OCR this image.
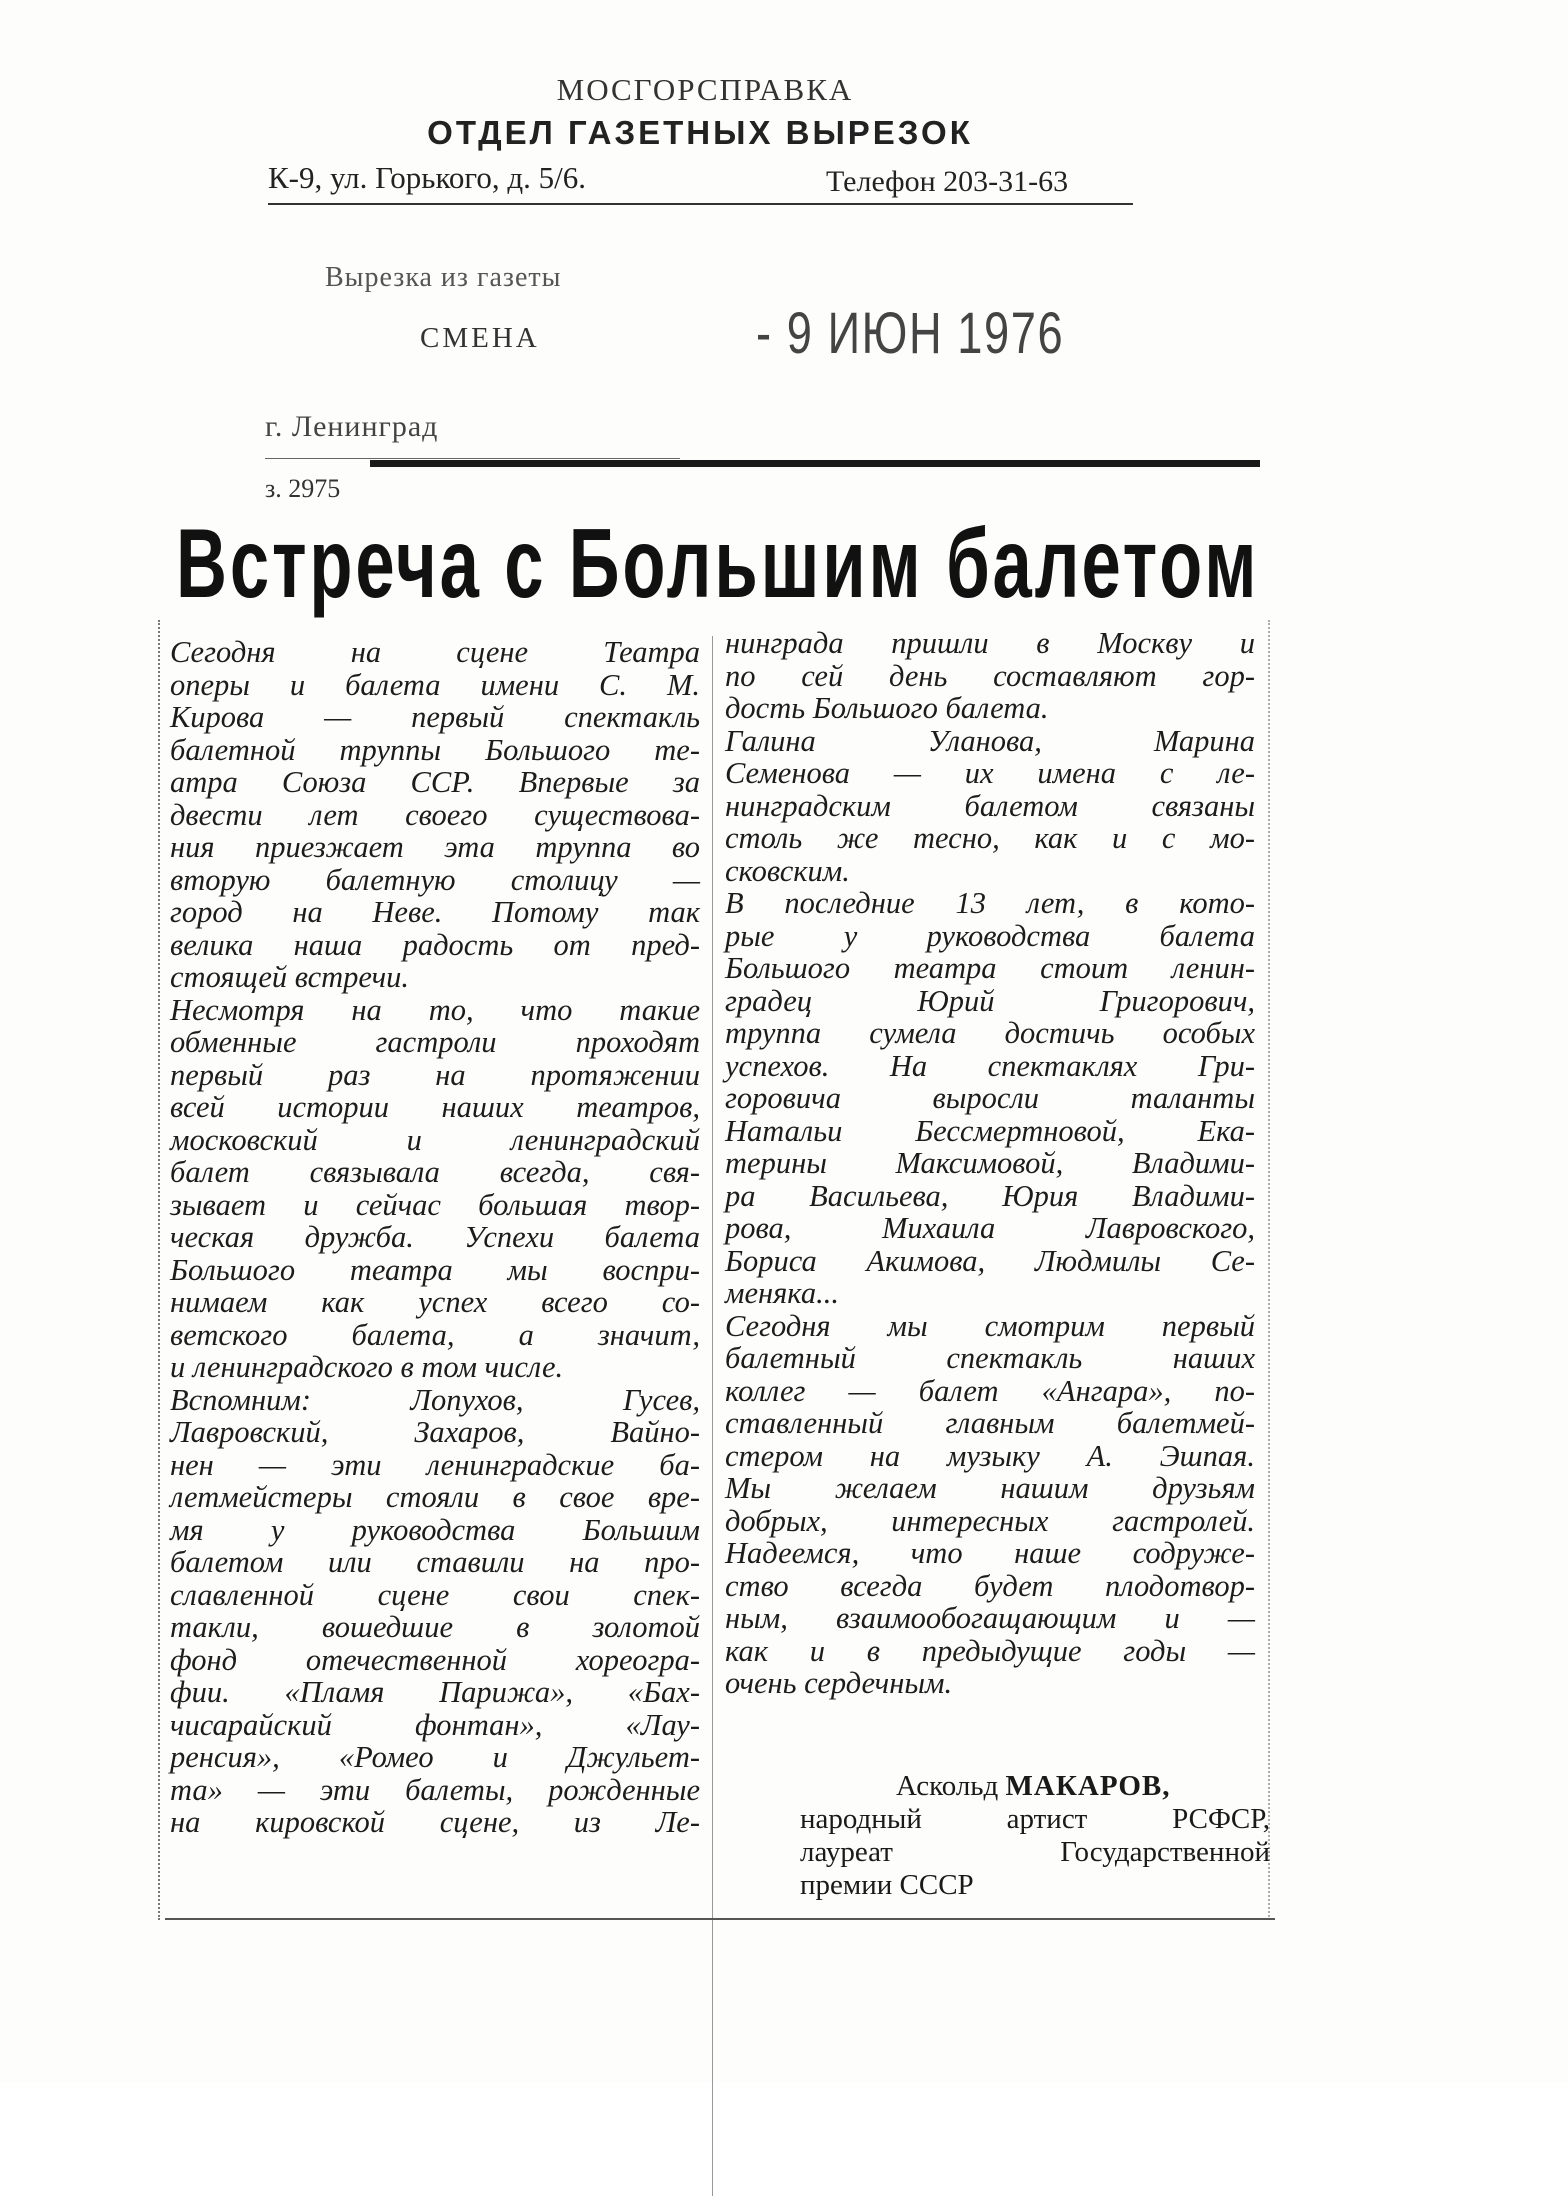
МОСГОРСПРАВКА
ОТДЕЛ ГАЗЕТНЫХ ВЫРЕЗОК
К-9, ул. Горького, д. 5/6.	Телефон 203-31-63
Вырезка из газеты
СМЕНА	- 9 ИЮН 1976
г. Ленинград
з. 2975
Встреча с Большим балетом
Сегодня на сцене Театра
оперы и балета имени С. М.
Кирова — первый спектакль
балетной труппы Большого те-
атра Союза ССР. Впервые за
двести лет своего существова-
ния приезжает эта труппа во
вторую балетную столицу —
город на Неве. Потому так
велика наша радость от пред-
стоящей встречи.
Несмотря на то, что такие
обменные гастроли проходят
первый раз на протяжении
всей истории наших театров,
московский и ленинградский
балет связывала всегда, свя-
зывает и сейчас большая твор-
ческая дружба. Успехи балета
Большого театра мы воспри-
нимаем как успех всего со-
ветского балета, а значит,
и ленинградского в том числе.
Вспомним: Лопухов, Гусев,
Лавровский, Захаров, Вайно-
нен — эти ленинградские ба-
летмейстеры стояли в свое вре-
мя у руководства Большим
балетом или ставили на про-
славленной сцене свои спек-
такли, вошедшие в золотой
фонд отечественной хореогра-
фии. «Пламя Парижа», «Бах-
чисарайский фонтан», «Лау-
ренсия», «Ромео и Джульет-
та» — эти балеты, рожденные
на кировской сцене, из Ле-
нинграда пришли в Москву и
по сей день составляют гор-
дость Большого балета.
Галина Уланова, Марина
Семенова — их имена с ле-
нинградским балетом связаны
столь же тесно, как и с мо-
сковским.
В последние 13 лет, в кото-
рые у руководства балета
Большого театра стоит ленин-
градец Юрий Григорович,
труппа сумела достичь особых
успехов. На спектаклях Гри-
горовича выросли таланты
Натальи Бессмертновой, Ека-
терины Максимовой, Владими-
ра Васильева, Юрия Владими-
рова, Михаила Лавровского,
Бориса Акимова, Людмилы Се-
меняка...
Сегодня мы смотрим первый
балетный спектакль наших
коллег — балет «Ангара», по-
ставленный главным балетмей-
стером на музыку А. Эшпая.
Мы желаем нашим друзьям
добрых, интересных гастролей.
Надеемся, что наше содруже-
ство всегда будет плодотвор-
ным, взаимообогащающим и —
как и в предыдущие годы —
очень сердечным.
Аскольд МАКАРОВ,
народный артист РСФСР,
лауреат Государственной
премии СССР
